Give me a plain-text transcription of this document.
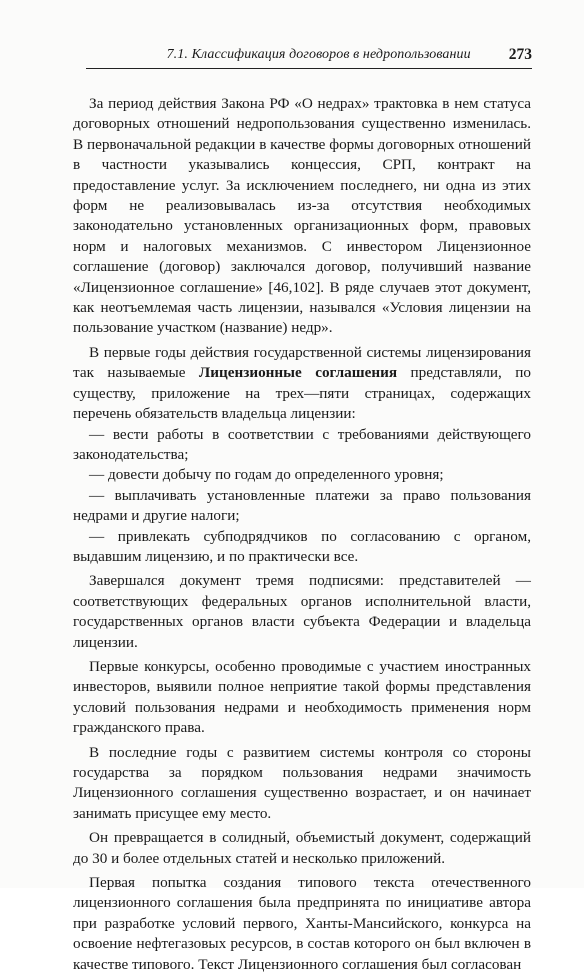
7.1. Классификация договоров в недропользовании 273

За период действия Закона РФ «О недрах» трактовка в нем статуса договорных отношений недропользования существенно изменилась. В первоначальной редакции в качестве формы договорных отношений в частности указывались концессия, СРП, контракт на предоставление услуг. За исключением последнего, ни одна из этих форм не реализовывалась из-за отсутствия необходимых законодательно установленных организационных форм, правовых норм и налоговых механизмов. С инвестором Лицензионное соглашение (договор) заключался договор, получивший название «Лицензионное соглашение» [46,102]. В ряде случаев этот документ, как неотъемлемая часть лицензии, назывался «Условия лицензии на пользование участком (название) недр».

В первые годы действия государственной системы лицензирования так называемые Лицензионные соглашения представляли, по существу, приложение на трех—пяти страницах, содержащих перечень обязательств владельца лицензии:

— вести работы в соответствии с требованиями действующего законодательства;

— довести добычу по годам до определенного уровня;

— выплачивать установленные платежи за право пользования недрами и другие налоги;

— привлекать субподрядчиков по согласованию с органом, выдавшим лицензию, и по практически все.

Завершался документ тремя подписями: представителей — соответствующих федеральных органов исполнительной власти, государственных органов власти субъекта Федерации и владельца лицензии.

Первые конкурсы, особенно проводимые с участием иностранных инвесторов, выявили полное неприятие такой формы представления условий пользования недрами и необходимость применения норм гражданского права.

В последние годы с развитием системы контроля со стороны государства за порядком пользования недрами значимость Лицензионного соглашения существенно возрастает, и он начинает занимать присущее ему место.

Он превращается в солидный, объемистый документ, содержащий до 30 и более отдельных статей и несколько приложений.

Первая попытка создания типового текста отечественного лицензионного соглашения была предпринята по инициативе автора при разработке условий первого, Ханты-Мансийского, конкурса на освоение нефтегазовых ресурсов, в состав которого он был включен в качестве типового. Текст Лицензионного соглашения был согласован
